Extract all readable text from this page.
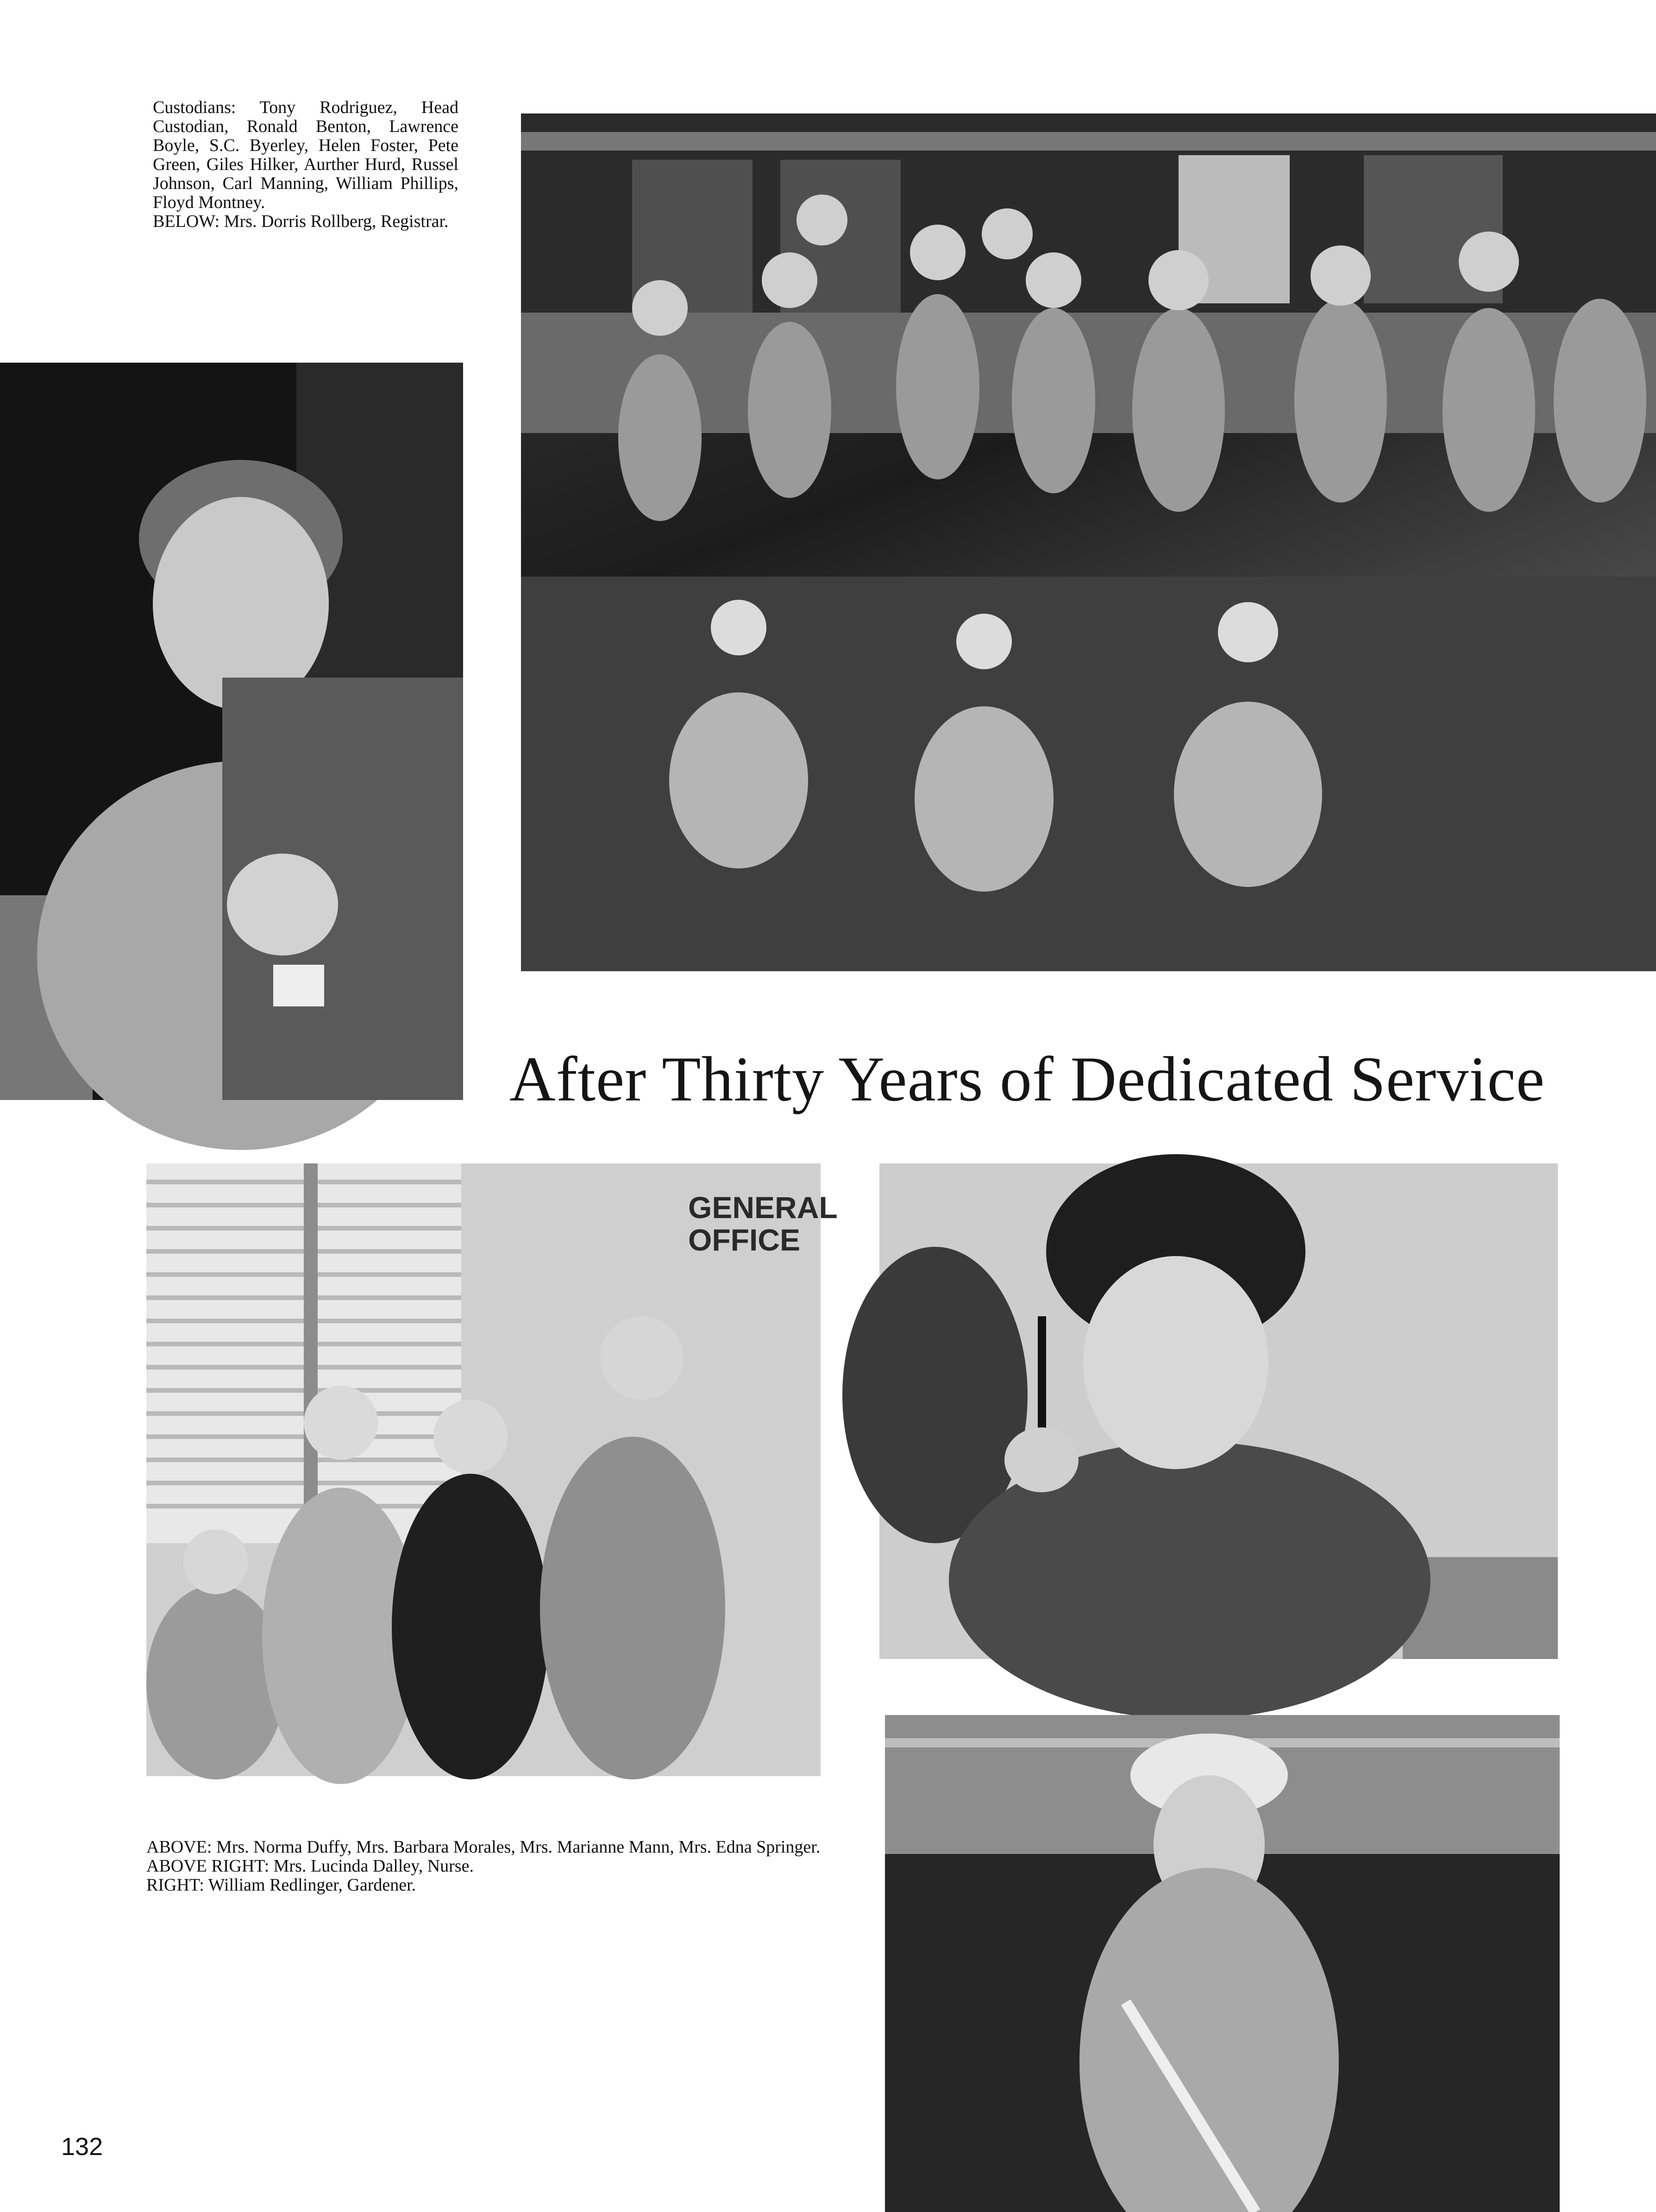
Custodians: Tony Rodriguez, Head Custodian, Ronald Benton, Lawrence Boyle, S.C. Byerley, Helen Foster, Pete Green, Giles Hilker, Aurther Hurd, Russel Johnson, Carl Manning, William Phillips, Floyd Montney.

BELOW: Mrs. Dorris Rollberg, Registrar.

After Thirty Years of Dedicated Service
GENERAL OFFICE

ABOVE: Mrs. Norma Duffy, Mrs. Barbara Morales, Mrs. Marianne Mann, Mrs. Edna Springer.

ABOVE RIGHT: Mrs. Lucinda Dalley, Nurse.

RIGHT: William Redlinger, Gardener.

132
